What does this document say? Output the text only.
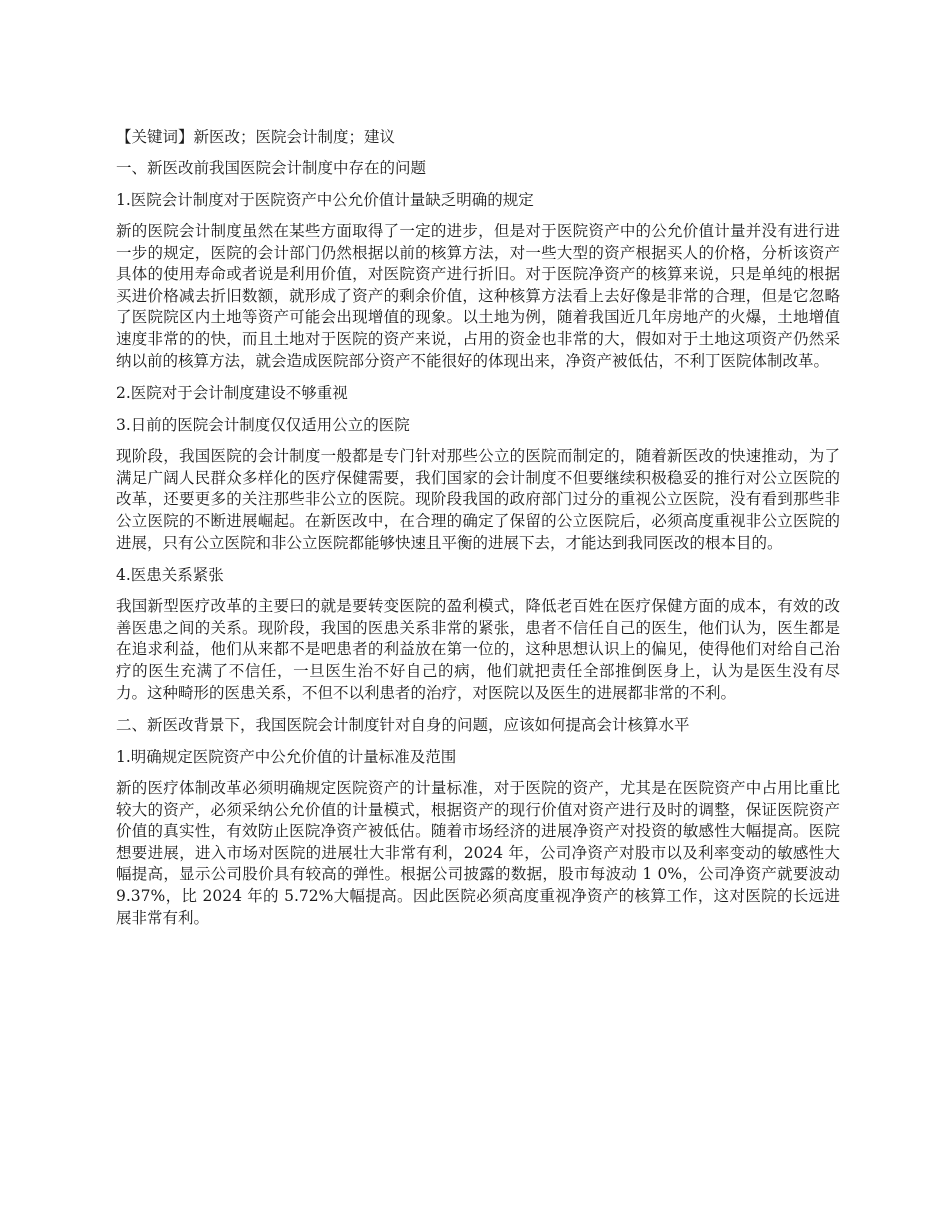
【关键词】新医改；医院会计制度；建议

一、新医改前我国医院会计制度中存在的问题

1.医院会计制度对于医院资产中公允价值计量缺乏明确的规定

新的医院会计制度虽然在某些方面取得了一定的进步，但是对于医院资产中的公允价值计量并没有进行进一步的规定，医院的会计部门仍然根据以前的核算方法，对一些大型的资产根据买人的价格，分析该资产具体的使用寿命或者说是利用价值，对医院资产进行折旧。对于医院净资产的核算来说，只是单纯的根据买进价格减去折旧数额，就形成了资产的剩余价值，这种核算方法看上去好像是非常的合理，但是它忽略了医院院区内土地等资产可能会出现增值的现象。以土地为例，随着我国近几年房地产的火爆，土地增值速度非常的的快，而且土地对于医院的资产来说，占用的资金也非常的大，假如对于土地这项资产仍然采纳以前的核算方法，就会造成医院部分资产不能很好的体现出来，净资产被低估，不利丁医院体制改革。

2.医院对于会计制度建设不够重视

3.日前的医院会计制度仅仅适用公立的医院

现阶段，我国医院的会计制度一般都是专门针对那些公立的医院而制定的，随着新医改的快速推动，为了满足广阔人民群众多样化的医疗保健需要，我们国家的会计制度不但要继续积极稳妥的推行对公立医院的改革，还要更多的关注那些非公立的医院。现阶段我国的政府部门过分的重视公立医院，没有看到那些非公立医院的不断进展崛起。在新医改中，在合理的确定了保留的公立医院后，必须高度重视非公立医院的进展，只有公立医院和非公立医院都能够快速且平衡的进展下去，才能达到我同医改的根本目的。

4.医患关系紧张

我国新型医疗改革的主要曰的就是要转变医院的盈利模式，降低老百姓在医疗保健方面的成本，有效的改善医患之间的关系。现阶段，我国的医患关系非常的紧张，患者不信任自己的医生，他们认为，医生都是在追求利益，他们从来都不是吧患者的利益放在第一位的，这种思想认识上的偏见，使得他们对给自己治疗的医生充满了不信任，一旦医生治不好自己的病，他们就把责任全部推倒医身上，认为是医生没有尽力。这种畸形的医患关系，不但不以利患者的治疗，对医院以及医生的进展都非常的不利。

二、新医改背景下，我国医院会计制度针对自身的问题，应该如何提高会计核算水平

1.明确规定医院资产中公允价值的计量标准及范围

新的医疗体制改革必须明确规定医院资产的计量标准，对于医院的资产，尤其是在医院资产中占用比重比较大的资产，必须采纳公允价值的计量模式，根据资产的现行价值对资产进行及时的调整，保证医院资产价值的真实性，有效防止医院净资产被低估。随着市场经济的进展净资产对投资的敏感性大幅提高。医院想要进展，进入市场对医院的进展壮大非常有利，2024 年，公司净资产对股市以及利率变动的敏感性大幅提高，显示公司股价具有较高的弹性。根据公司披露的数据，股市每波动 1 0%，公司净资产就要波动 9.37%，比 2024 年的 5.72%大幅提高。因此医院必须高度重视净资产的核算工作，这对医院的长远进展非常有利。
